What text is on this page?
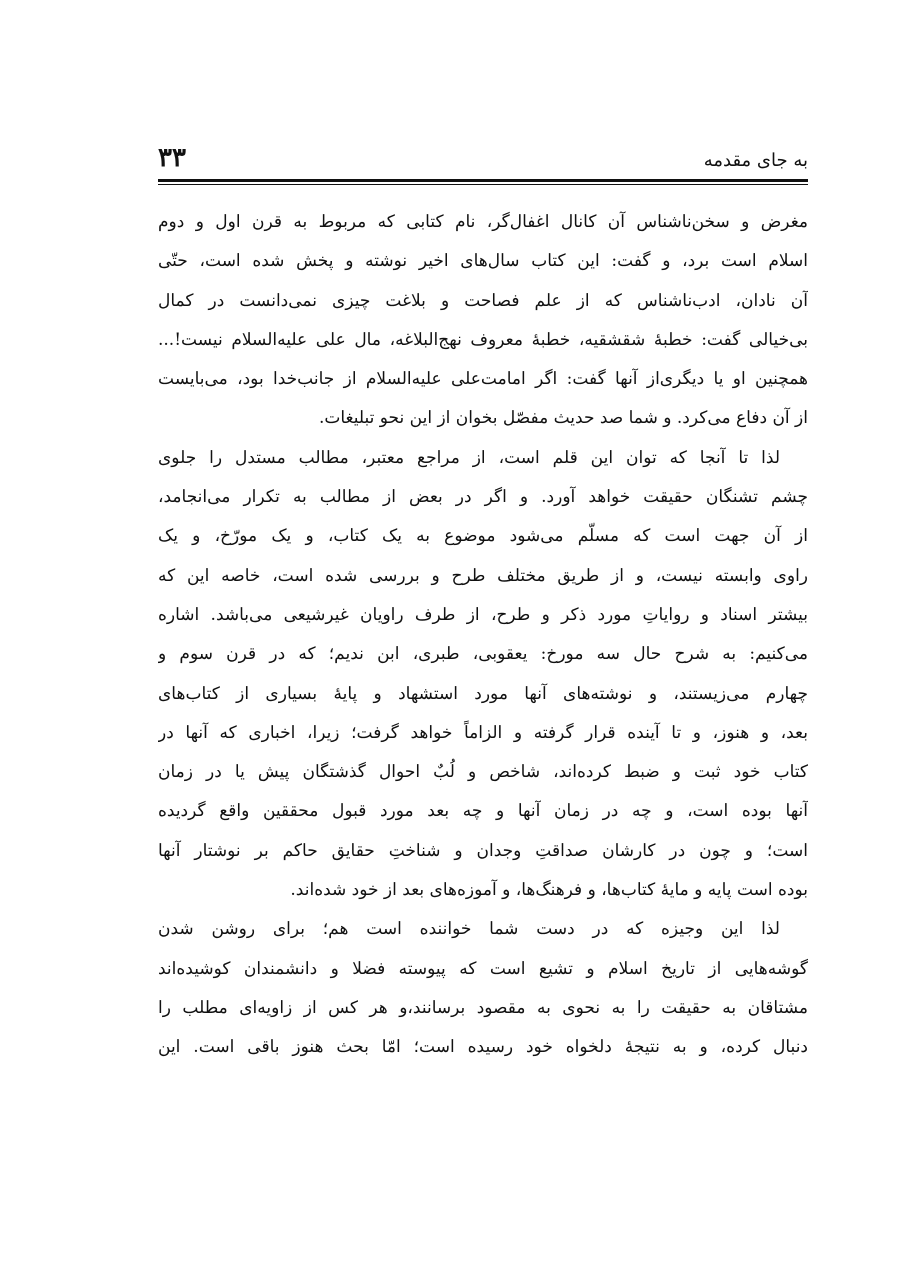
به جای مقدمه
۳۳

مغرض و سخن‌ناشناس آن کانال اغفال‌گر، نام کتابی که مربوط به قرن اول و دوم
اسلام است برد، و گفت: این کتاب سال‌های اخیر نوشته و پخش شده است، حتّی
آن نادان، ادب‌ناشناس که از علم فصاحت و بلاغت چیزی نمی‌دانست در کمال
بی‌خیالی گفت: خطبهٔ شقشقیه، خطبهٔ معروف نهج‌البلاغه، مال علی علیه‌السلام نیست!...
همچنین او یا دیگری‌از آنها گفت: اگر امامت‌علی علیه‌السلام از جانب‌خدا بود، می‌بایست
از آن دفاع می‌کرد. و شما صد حدیث مفصّل بخوان از این نحو تبلیغات.

لذا تا آنجا که توان این قلم است، از مراجع معتبر، مطالب مستدل را جلوی
چشم تشنگان حقیقت خواهد آورد. و اگر در بعض از مطالب به تکرار می‌انجامد،
از آن جهت است که مسلّم می‌شود موضوع به یک کتاب، و یک مورّخ، و یک
راوی وابسته نیست، و از طریق مختلف طرح و بررسی شده است، خاصه این که
بیشتر اسناد و روایاتِ مورد ذکر و طرح، از طرف راویان غیرشیعی می‌باشد. اشاره
می‌کنیم: به شرح حال سه مورخ: یعقوبی، طبری، ابن ندیم؛ که در قرن سوم و
چهارم می‌زیستند، و نوشته‌های آنها مورد استشهاد و پایهٔ بسیاری از کتاب‌های
بعد، و هنوز، و تا آینده قرار گرفته و الزاماً خواهد گرفت؛ زیرا، اخباری که آنها در
کتاب خود ثبت و ضبط کرده‌اند، شاخص و لُبٌ احوال گذشتگان پیش یا در زمان
آنها بوده است، و چه در زمان آنها و چه بعد مورد قبول محققین واقع گردیده
است؛ و چون در کارشان صداقتِ وجدان و شناختِ حقایق حاکم بر نوشتار آنها
بوده است پایه و مایهٔ کتاب‌ها، و فرهنگ‌ها، و آموزه‌های بعد از خود شده‌اند.

لذا این وجیزه که در دست شما خواننده است هم؛ برای روشن شدن
گوشه‌هایی از تاریخ اسلام و تشیع است که پیوسته فضلا و دانشمندان کوشیده‌اند
مشتاقان به حقیقت را به نحوی به مقصود برسانند،و هر کس از زاویه‌ای مطلب را
دنبال کرده، و به نتیجهٔ دلخواه خود رسیده است؛ امّا بحث هنوز باقی است. این
